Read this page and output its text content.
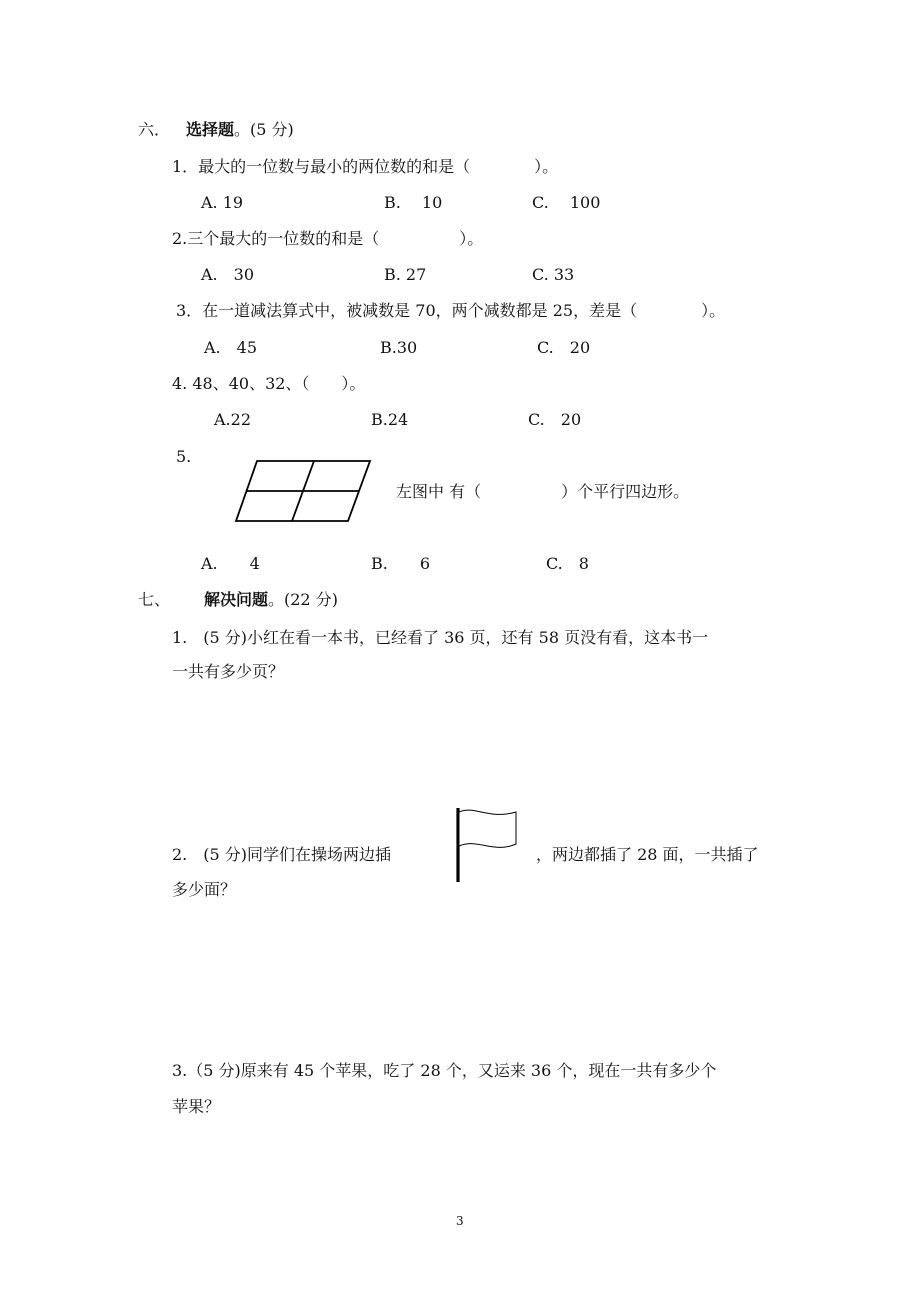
六． 选择题 。(5 分)
1．最大的一位数与最小的两位数的和是（　　　　）。
A. 19	B.　 10	C.　 100
2.三个最大的一位数的和是（　　　　　）。
A.　30	B. 27	C. 33
3．在一道减法算式中，被减数是 70，两个减数都是 25，差是（　　　　）。
A.　45	B.30	C.　20
4. 48、40、32、（　　）。
A.22	B.24	C.　20
5.
左图中 有（　　　　　）个平行四边形。
A.　　4	B.　　6	C.　8
七、 解决问题 。(22 分)
1.　(5 分)小红在看一本书，已经看了 36 页，还有 58 页没有看，这本书一
一共有多少页？
2.　(5 分)同学们在操场两边插	，两边都插了 28 面，一共插了
多少面？
3.（5 分)原来有 45 个苹果，吃了 28 个，又运来 36 个，现在一共有多少个
苹果？
3
